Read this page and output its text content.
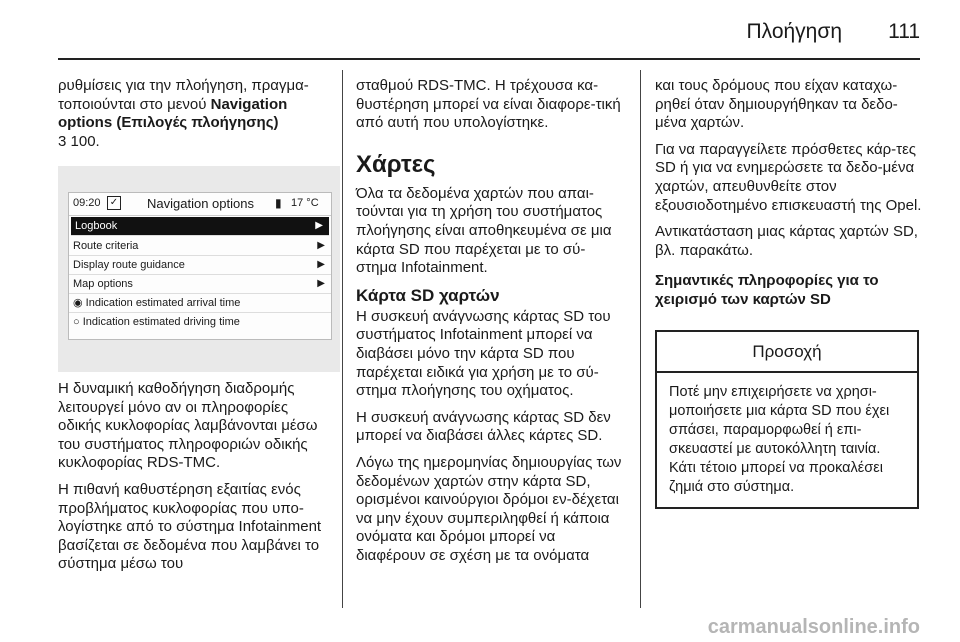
Πλοήγηση 111

ρυθμίσεις για την πλοήγηση, πραγμα-τοποιούνται στο μενού Navigation options (Επιλογές πλοήγησης)
3 100.

09:20 ✓ Navigation options ▮ 17 °C
Logbook	▶
Route criteria	▶
Display route guidance	▶
Map options	▶
◉ Indication estimated arrival time
○ Indication estimated driving time

Η δυναμική καθοδήγηση διαδρομής λειτουργεί μόνο αν οι πληροφορίες οδικής κυκλοφορίας λαμβάνονται μέσω του συστήματος πληροφοριών οδικής κυκλοφορίας RDS-TMC.

Η πιθανή καθυστέρηση εξαιτίας ενός προβλήματος κυκλοφορίας που υπο-λογίστηκε από το σύστημα Infotainment βασίζεται σε δεδομένα που λαμβάνει το σύστημα μέσω του

σταθμού RDS-TMC. Η τρέχουσα κα-θυστέρηση μπορεί να είναι διαφορε-τική από αυτή που υπολογίστηκε.

Χάρτες

Όλα τα δεδομένα χαρτών που απαι-τούνται για τη χρήση του συστήματος πλοήγησης είναι αποθηκευμένα σε μια κάρτα SD που παρέχεται με το σύ-στημα Infotainment.

Κάρτα SD χαρτών

Η συσκευή ανάγνωσης κάρτας SD του συστήματος Infotainment μπορεί να διαβάσει μόνο την κάρτα SD που παρέχεται ειδικά για χρήση με το σύ-στημα πλοήγησης του οχήματος.

Η συσκευή ανάγνωσης κάρτας SD δεν μπορεί να διαβάσει άλλες κάρτες SD.

Λόγω της ημερομηνίας δημιουργίας των δεδομένων χαρτών στην κάρτα SD, ορισμένοι καινούργιοι δρόμοι εν-δέχεται να μην έχουν συμπεριληφθεί ή κάποια ονόματα και δρόμοι μπορεί να διαφέρουν σε σχέση με τα ονόματα

και τους δρόμους που είχαν καταχω-ρηθεί όταν δημιουργήθηκαν τα δεδο-μένα χαρτών.

Για να παραγγείλετε πρόσθετες κάρ-τες SD ή για να ενημερώσετε τα δεδο-μένα χαρτών, απευθυνθείτε στον εξουσιοδοτημένο επισκευαστή της Opel.

Αντικατάσταση μιας κάρτας χαρτών SD, βλ. παρακάτω.

Σημαντικές πληροφορίες για το χειρισμό των καρτών SD

Προσοχή
Ποτέ μην επιχειρήσετε να χρησι-μοποιήσετε μια κάρτα SD που έχει σπάσει, παραμορφωθεί ή επι-σκευαστεί με αυτοκόλλητη ταινία. Κάτι τέτοιο μπορεί να προκαλέσει ζημιά στο σύστημα.
carmanualsonline.info
